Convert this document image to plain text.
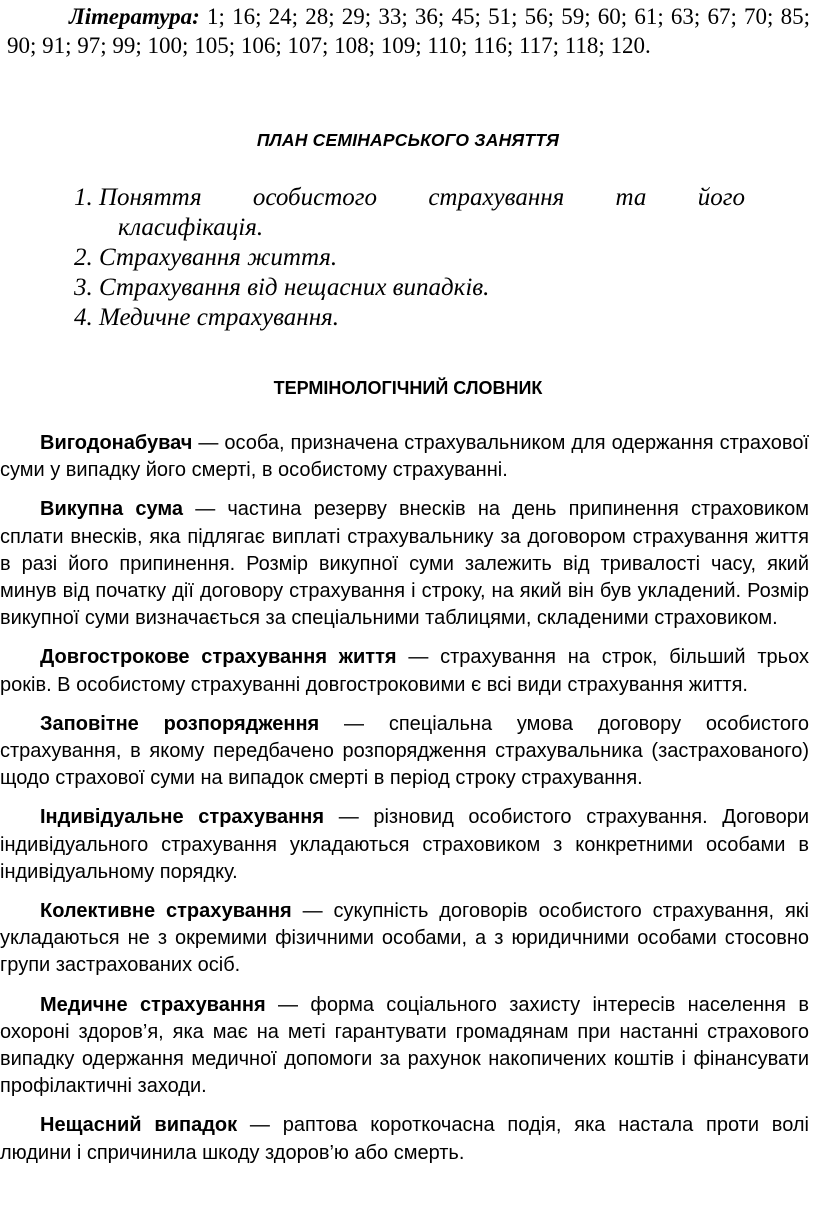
Література: 1; 16; 24; 28; 29; 33; 36; 45; 51; 56; 59; 60; 61; 63; 67; 70; 85; 90; 91; 97; 99; 100; 105; 106; 107; 108; 109; 110; 116; 117; 118; 120.

ПЛАН СЕМІНАРСЬКОГО ЗАНЯТТЯ
1. Поняття особистого страхування та його
класифікація.
2. Страхування життя.
3. Страхування від нещасних випадків.
4. Медичне страхування.
ТЕРМІНОЛОГІЧНИЙ СЛОВНИК
Вигодонабувач — особа, призначена страхувальником для одержання страхової суми у випадку його смерті, в особистому страхуванні.
Викупна сума — частина резерву внесків на день припинення страховиком сплати внесків, яка підлягає виплаті страхувальнику за договором страхування життя в разі його припинення. Розмір викупної суми залежить від тривалості часу, який минув від початку дії договору страхування і строку, на який він був укладений. Розмір викупної суми визначається за спеціальними таблицями, складеними страховиком.
Довгострокове страхування життя — страхування на строк, більший трьох років. В особистому страхуванні довгостроковими є всі види страхування життя.
Заповітне розпорядження — спеціальна умова договору особистого страхування, в якому передбачено розпорядження страхувальника (застрахованого) щодо страхової суми на випадок смерті в період строку страхування.
Індивідуальне страхування — різновид особистого страхування. Договори індивідуального страхування укладаються страховиком з конкретними особами в індивідуальному порядку.
Колективне страхування — сукупність договорів особистого страхування, які укладаються не з окремими фізичними особами, а з юридичними особами стосовно групи застрахованих осіб.
Медичне страхування — форма соціального захисту інтересів населення в охороні здоров’я, яка має на меті гарантувати громадянам при настанні страхового випадку одержання медичної допомоги за рахунок накопичених коштів і фінансувати профілактичні заходи.
Нещасний випадок — раптова короткочасна подія, яка настала проти волі людини і спричинила шкоду здоров’ю або смерть.
